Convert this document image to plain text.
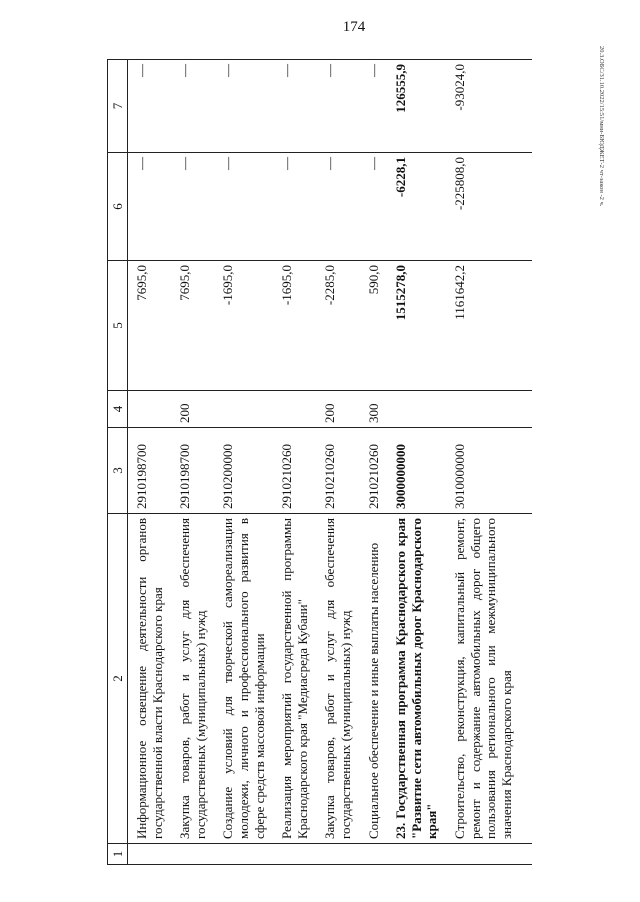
174
20.3.ОБС/31.10.2022/15:51/мни-БЮДЖЕТ-2 чт-закон -2 ч.
1	2	3	4	5	6	7
	Информационное освещение деятельности органов государственной власти Краснодарского края	2910198700		7695,0	—	—
	Закупка товаров, работ и услуг для обеспечения государственных (муниципальных) нужд	2910198700	200	7695,0	—	—
	Создание условий для творческой самореализации молодежи, личного и профессионального развития в сфере средств массовой информации	2910200000		-1695,0	—	—
	Реализация мероприятий государственной программы Краснодарского края "Медиасреда Кубани"	2910210260		-1695,0	—	—
	Закупка товаров, работ и услуг для обеспечения государственных (муниципальных) нужд	2910210260	200	-2285,0	—	—
	Социальное обеспечение и иные выплаты населению	2910210260	300	590,0	—	—
	23.Государственная программа Краснодарского края "Развитие сети автомобильных дорог Краснодарского края"	3000000000		1515278,0	-6228,1	126555,9
	Строительство, реконструкция, капитальный ремонт, ремонт и содержание автомобильных дорог общего пользования регионального или межмуниципального значения Краснодарского края	3010000000		1161642,2	-225808,0	-93024,0
